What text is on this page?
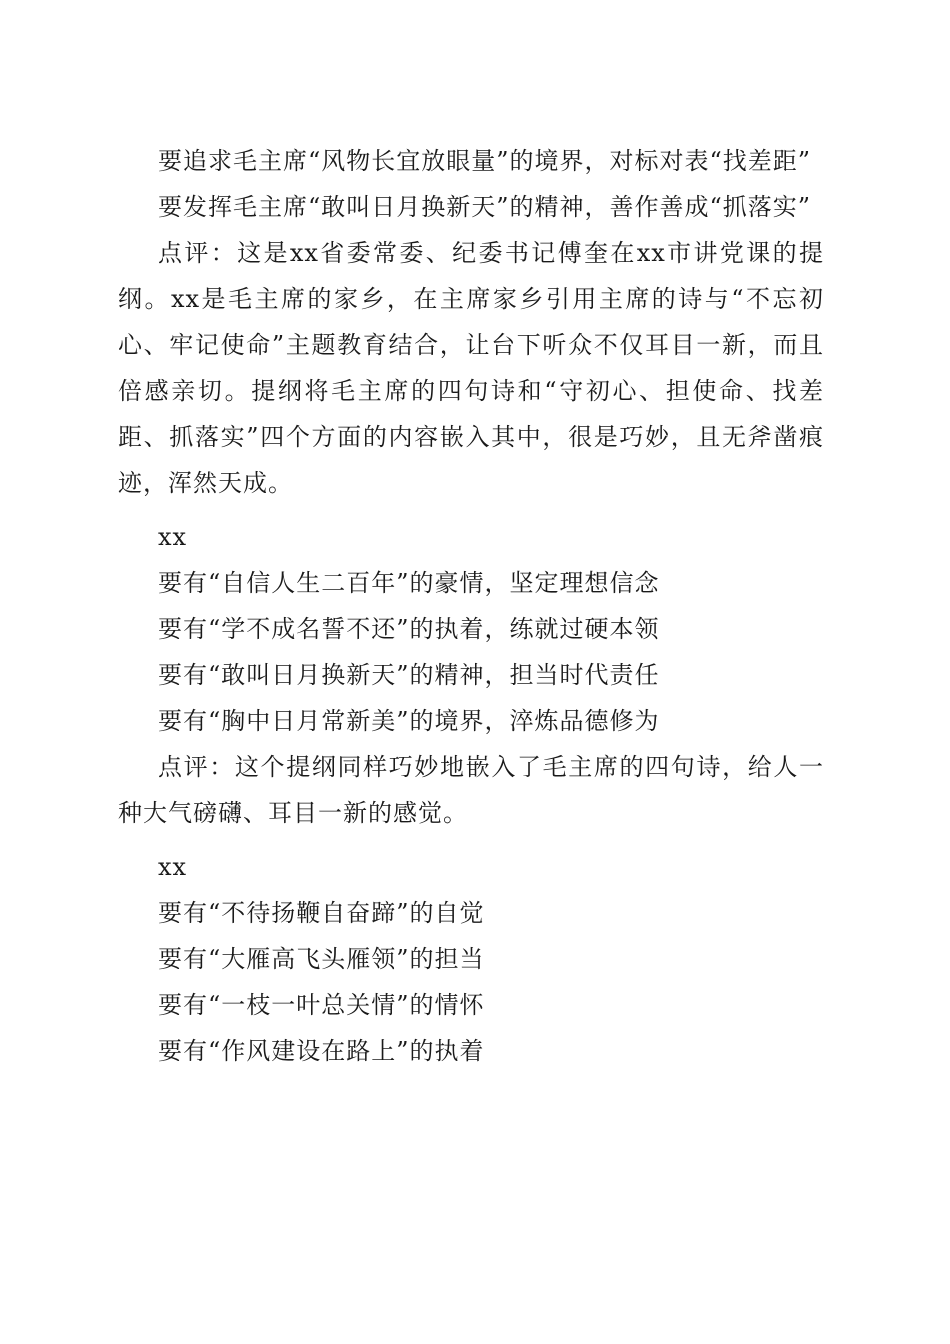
要追求毛主席“风物长宜放眼量”的境界，对标对表“找差距”

要发挥毛主席“敢叫日月换新天”的精神，善作善成“抓落实”

点评：这是xx省委常委、纪委书记傅奎在xx市讲党课的提纲。xx是毛主席的家乡，在主席家乡引用主席的诗与“不忘初心、牢记使命”主题教育结合，让台下听众不仅耳目一新，而且倍感亲切。提纲将毛主席的四句诗和“守初心、担使命、找差距、抓落实”四个方面的内容嵌入其中，很是巧妙，且无斧凿痕迹，浑然天成。

xx

要有“自信人生二百年”的豪情，坚定理想信念

要有“学不成名誓不还”的执着，练就过硬本领

要有“敢叫日月换新天”的精神，担当时代责任

要有“胸中日月常新美”的境界，淬炼品德修为

点评：这个提纲同样巧妙地嵌入了毛主席的四句诗，给人一种大气磅礴、耳目一新的感觉。

xx

要有“不待扬鞭自奋蹄”的自觉

要有“大雁高飞头雁领”的担当

要有“一枝一叶总关情”的情怀

要有“作风建设在路上”的执着
